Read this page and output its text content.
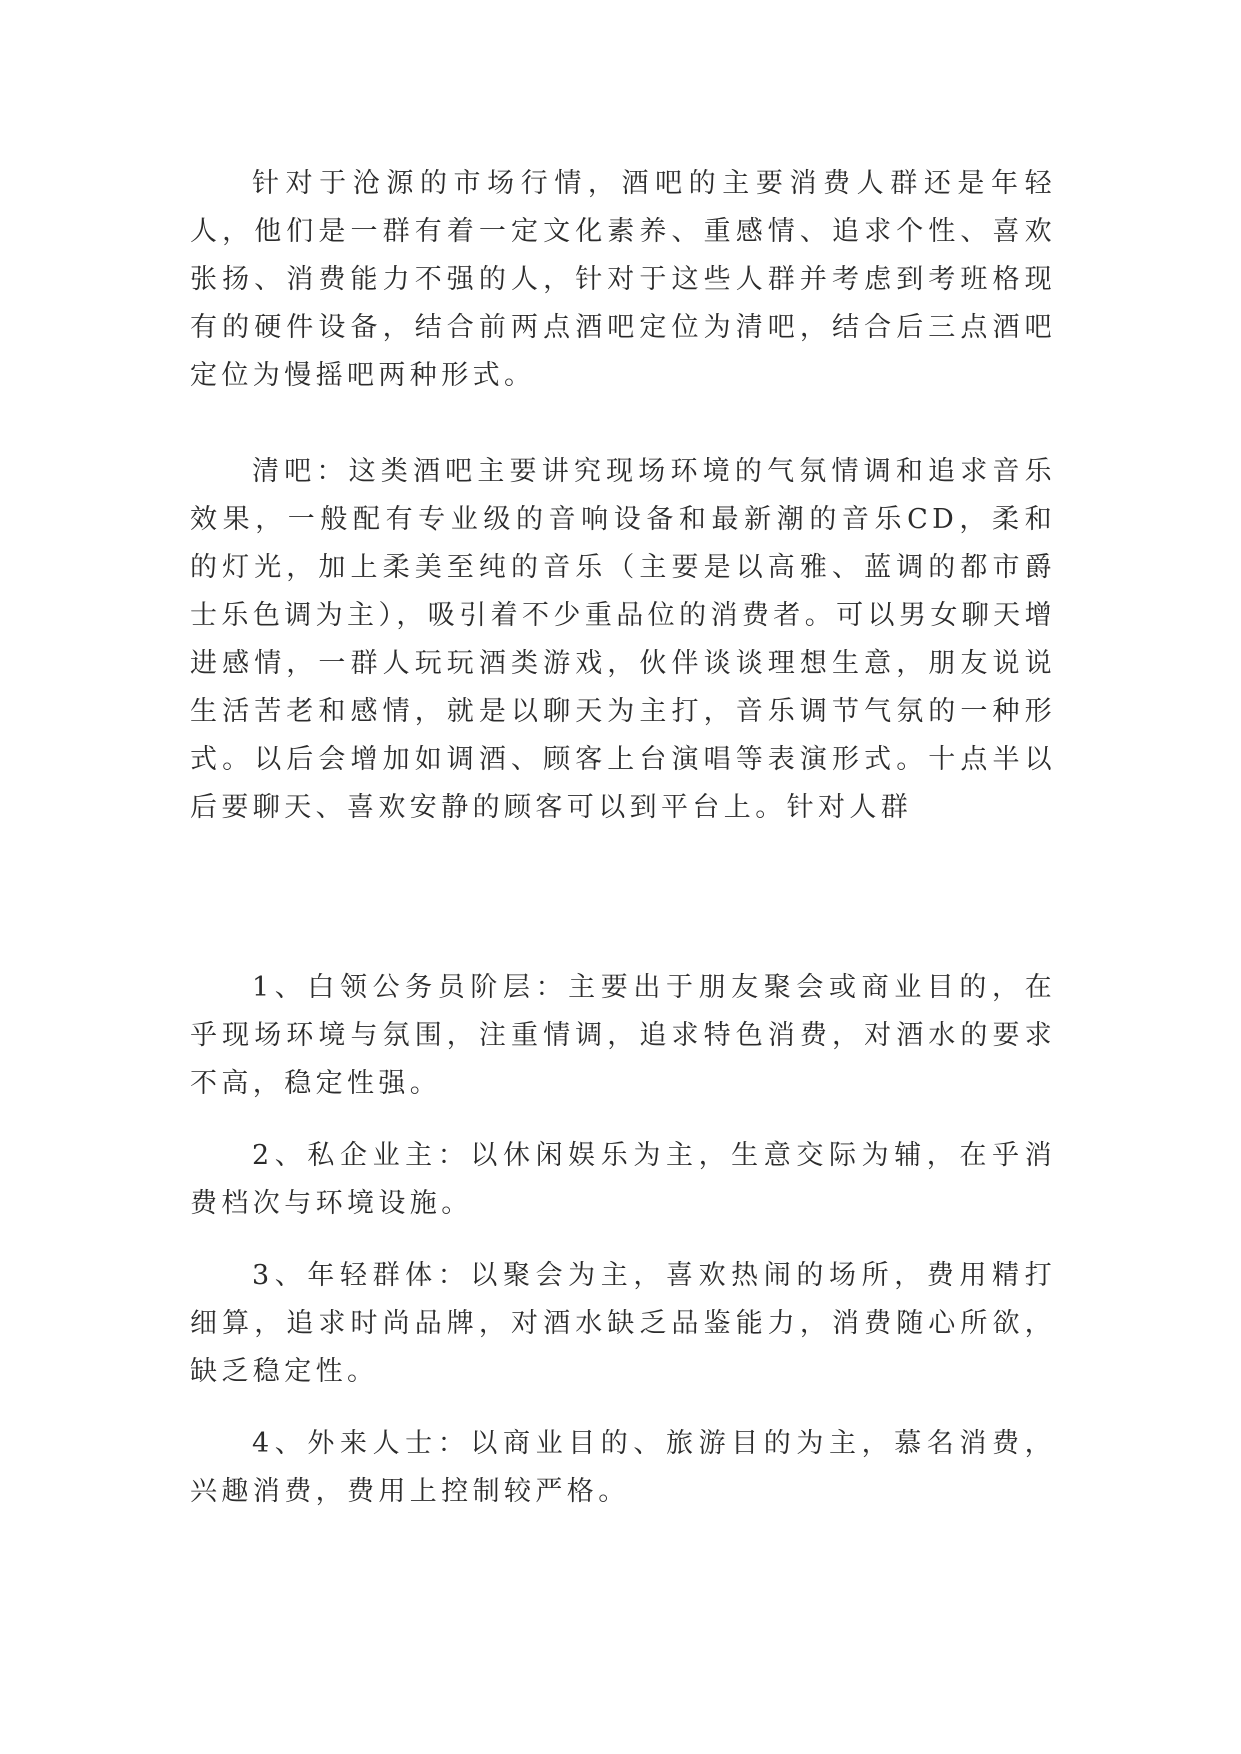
针对于沧源的市场行情，酒吧的主要消费人群还是年轻人，他们是一群有着一定文化素养、重感情、追求个性、喜欢张扬、消费能力不强的人，针对于这些人群并考虑到考班格现有的硬件设备，结合前两点酒吧定位为清吧，结合后三点酒吧定位为慢摇吧两种形式。

清吧：这类酒吧主要讲究现场环境的气氛情调和追求音乐效果，一般配有专业级的音响设备和最新潮的音乐CD，柔和的灯光，加上柔美至纯的音乐（主要是以高雅、蓝调的都市爵士乐色调为主），吸引着不少重品位的消费者。可以男女聊天增进感情，一群人玩玩酒类游戏，伙伴谈谈理想生意，朋友说说生活苦老和感情，就是以聊天为主打，音乐调节气氛的一种形式。以后会增加如调酒、顾客上台演唱等表演形式。十点半以后要聊天、喜欢安静的顾客可以到平台上。针对人群

1、白领公务员阶层：主要出于朋友聚会或商业目的，在乎现场环境与氛围，注重情调，追求特色消费，对酒水的要求不高，稳定性强。

2、私企业主：以休闲娱乐为主，生意交际为辅，在乎消费档次与环境设施。

3、年轻群体：以聚会为主，喜欢热闹的场所，费用精打细算，追求时尚品牌，对酒水缺乏品鉴能力，消费随心所欲，缺乏稳定性。

4、外来人士：以商业目的、旅游目的为主，慕名消费，兴趣消费，费用上控制较严格。
